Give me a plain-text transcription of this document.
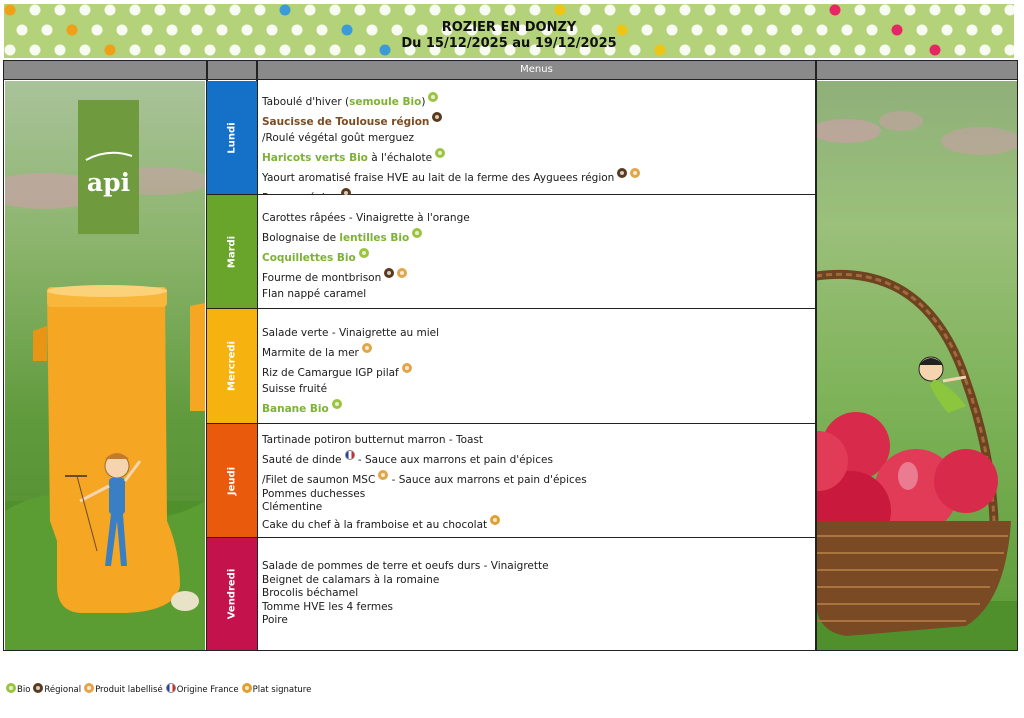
ROZIER EN DONZY
Du 15/12/2025 au 19/12/2025
Menus
api
Lundi
Mardi
Mercredi
Jeudi
Vendredi
Taboulé d'hiver (semoule Bio)
Saucisse de Toulouse région
/Roulé végétal goût merguez
Haricots verts Bio à l'échalote
Yaourt aromatisé fraise HVE au lait de la ferme des Ayguees région
Carottes râpées - Vinaigrette à l'orange
Bolognaise de lentilles Bio
Coquillettes Bio
Fourme de montbrison
Flan nappé caramel
Salade verte - Vinaigrette au miel
Marmite de la mer
Riz de Camargue IGP pilaf
Suisse fruité
Banane Bio
Tartinade potiron butternut marron - Toast
Sauté de dinde - Sauce aux marrons et pain d'épices
/Filet de saumon MSC - Sauce aux marrons et pain d'épices
Pommes duchesses
Clémentine
Cake du chef à la framboise et au chocolat
Salade de pommes de terre et oeufs durs - Vinaigrette
Beignet de calamars à la romaine
Brocolis béchamel
Tomme HVE les 4 fermes
Poire
Bio Régional Produit labellisé Origine France Plat signature
